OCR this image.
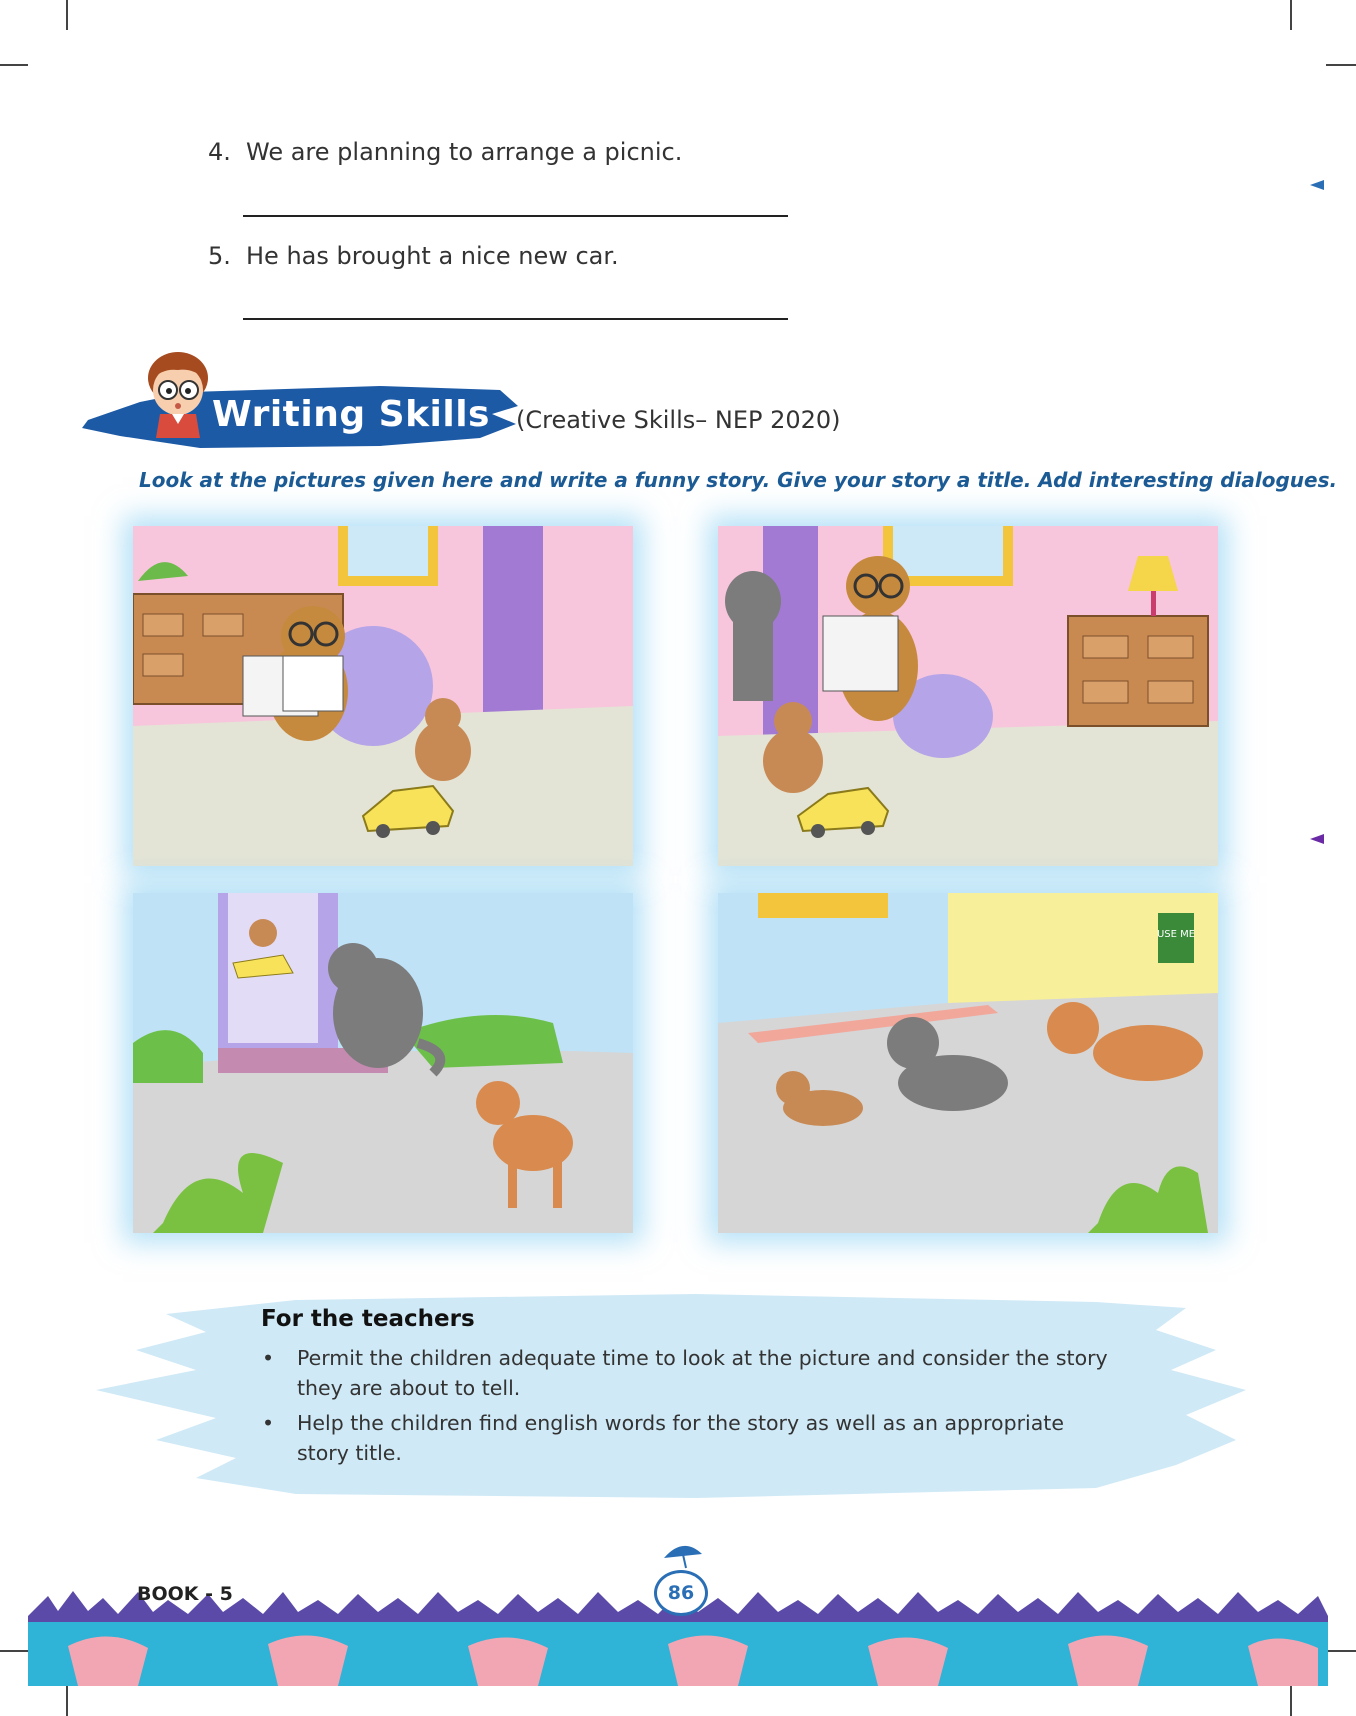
4. We are planning to arrange a picnic.
5. He has brought a nice new car.
Writing Skills (Creative Skills– NEP 2020)
Look at the pictures given here and write a funny story. Give your story a title. Add interesting dialogues.
USE ME
For the teachers
• Permit the children adequate time to look at the picture and consider the story they are about to tell.
• Help the children find english words for the story as well as an appropriate story title.
BOOK - 5	86
